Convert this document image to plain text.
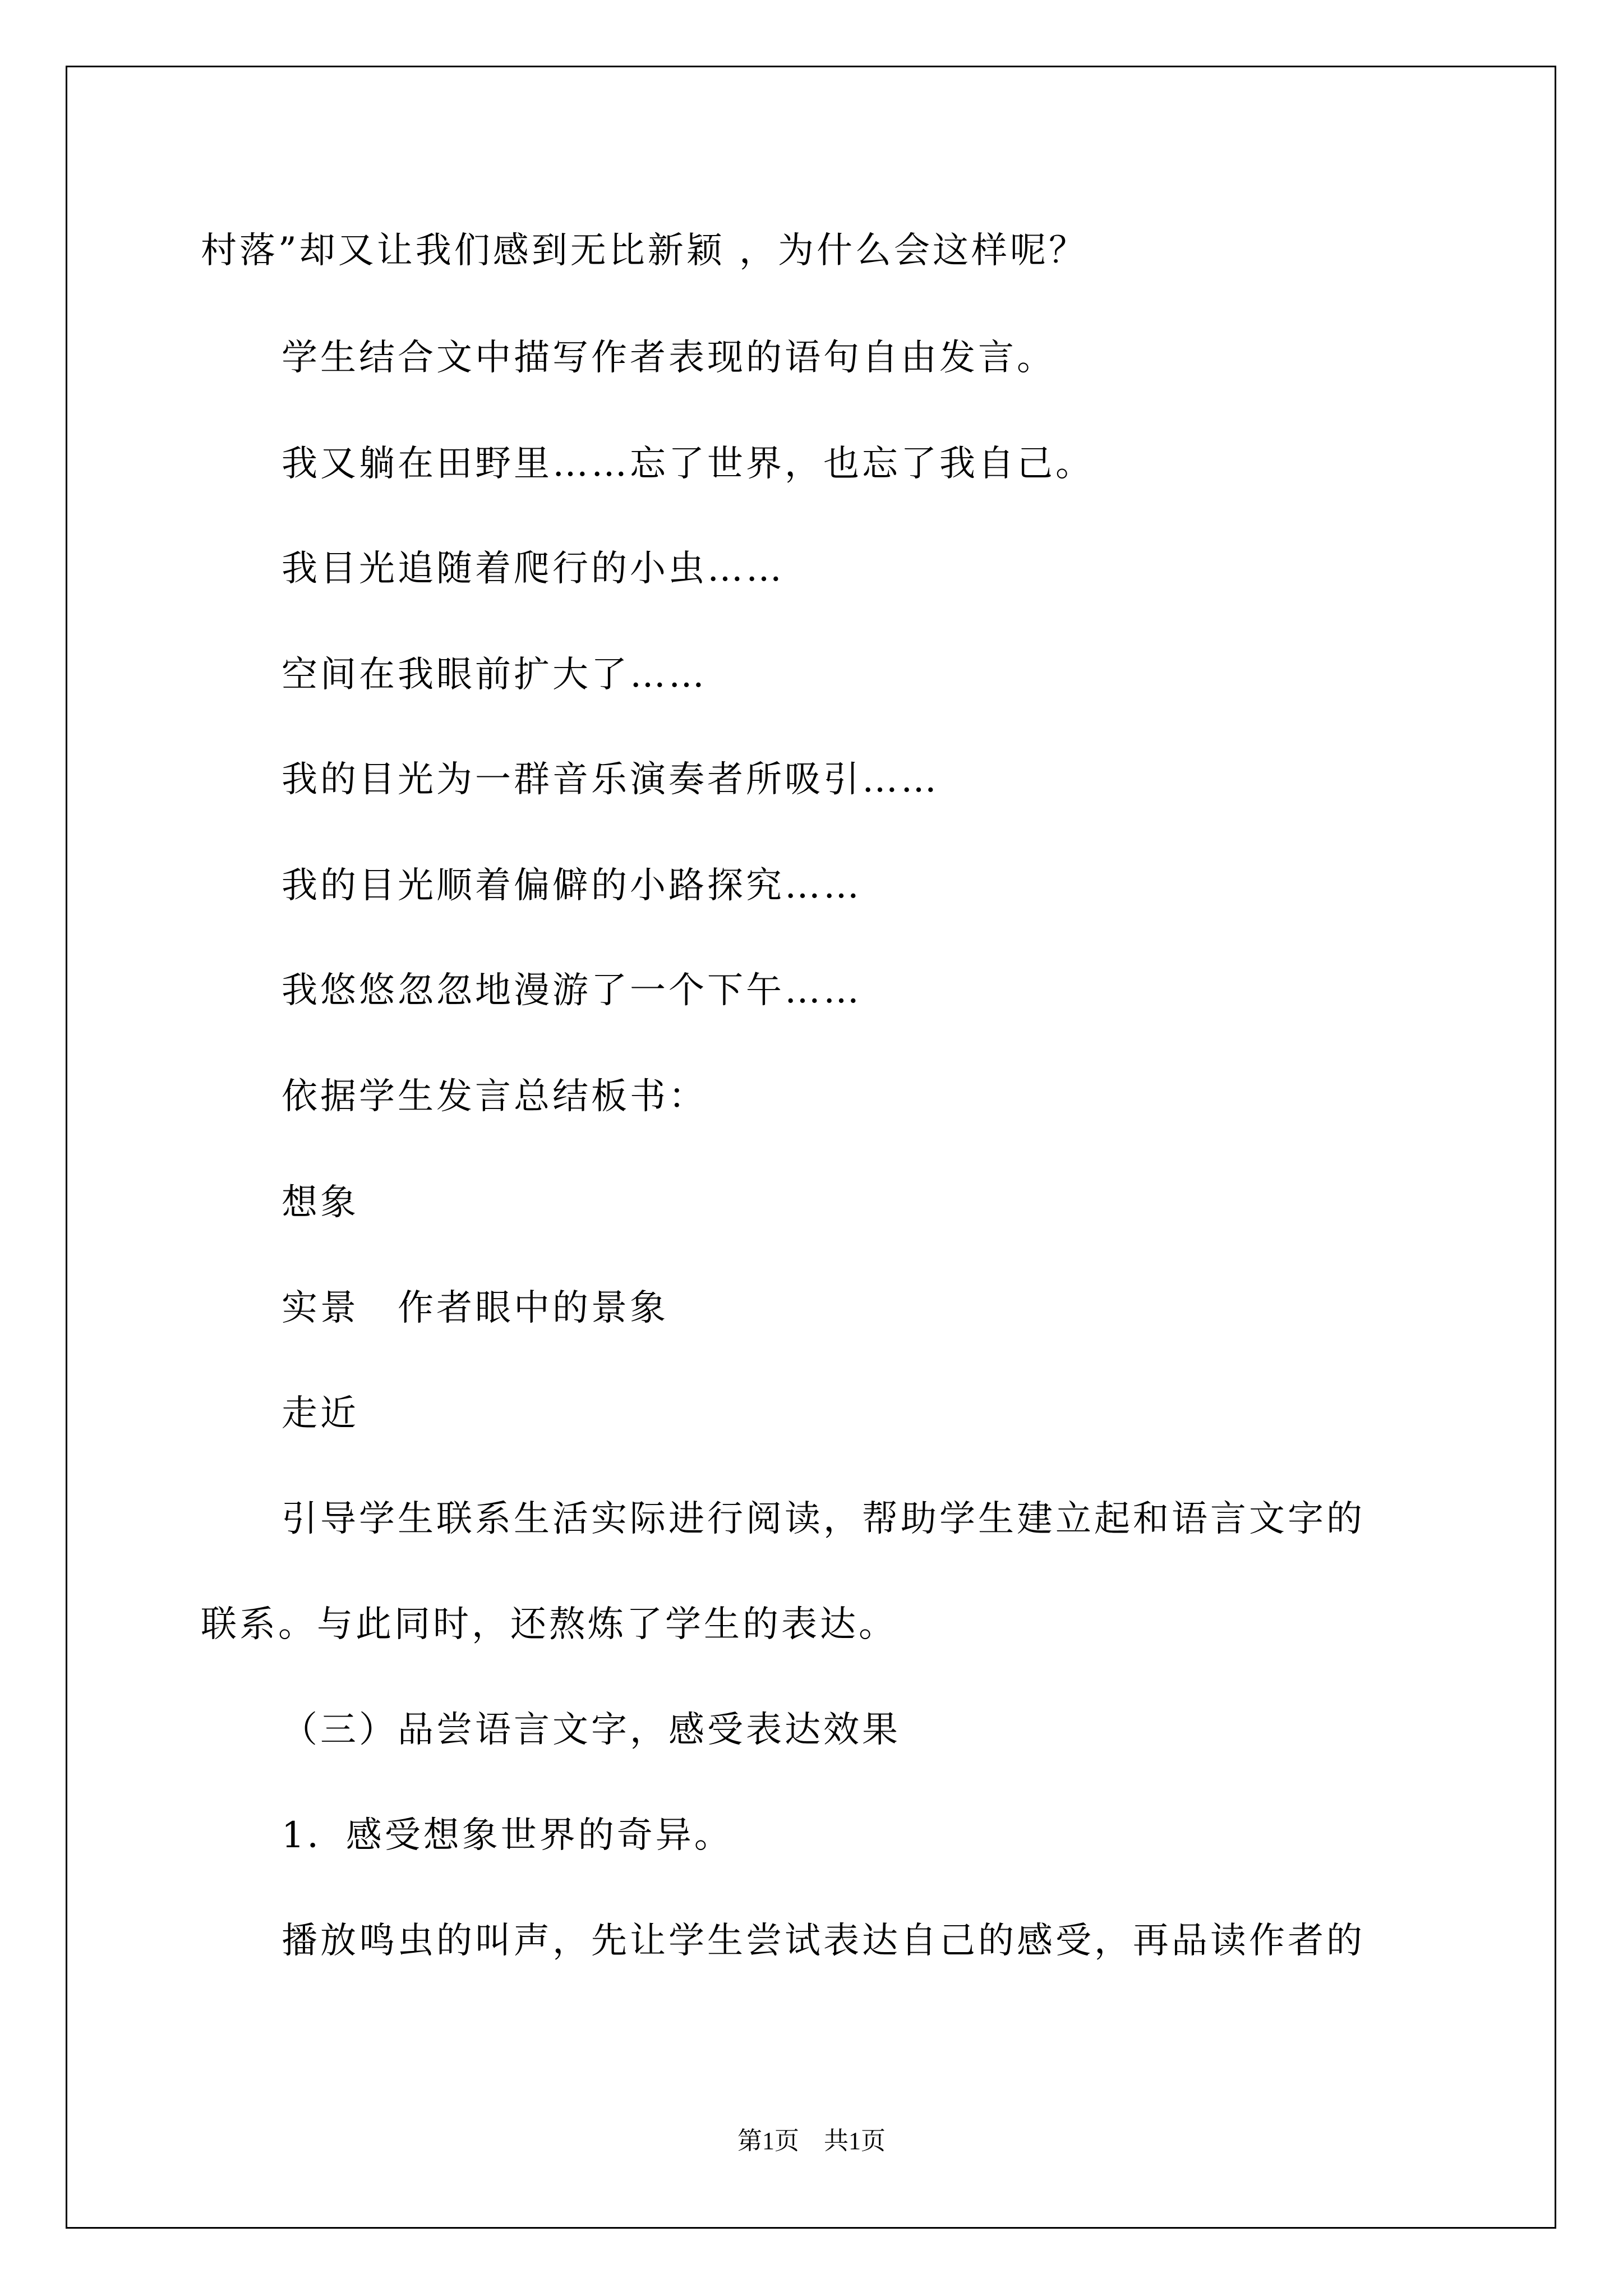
村落”却又让我们感到无比新颖 ，为什么会这样呢？
学生结合文中描写作者表现的语句自由发言。
我又躺在田野里……忘了世界，也忘了我自己。
我目光追随着爬行的小虫……
空间在我眼前扩大了……
我的目光为一群音乐演奏者所吸引……
我的目光顺着偏僻的小路探究……
我悠悠忽忽地漫游了一个下午……
依据学生发言总结板书：
想象
实景　作者眼中的景象
走近
引导学生联系生活实际进行阅读，帮助学生建立起和语言文字的
联系。与此同时，还熬炼了学生的表达。
（三）品尝语言文字，感受表达效果
1．感受想象世界的奇异。
播放鸣虫的叫声，先让学生尝试表达自己的感受，再品读作者的
第1页　共1页
